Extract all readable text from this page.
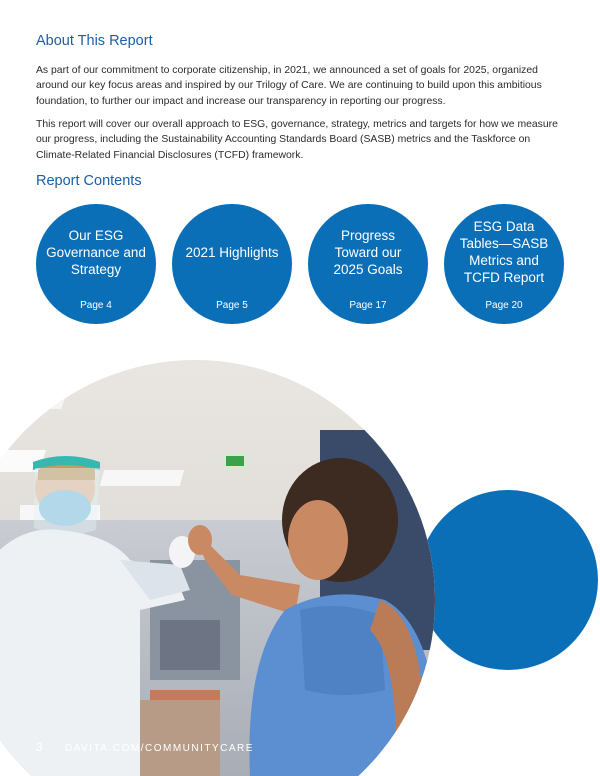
About This Report

As part of our commitment to corporate citizenship, in 2021, we announced a set of goals for 2025, organized around our key focus areas and inspired by our Trilogy of Care. We are continuing to build upon this ambitious foundation, to further our impact and increase our transparency in reporting our progress.

This report will cover our overall approach to ESG, governance, strategy, metrics and targets for how we measure our progress, including the Sustainability Accounting Standards Board (SASB) metrics and the Taskforce on Climate-Related Financial Disclosures (TCFD) framework.

Report Contents
Our ESG Governance and Strategy
Page 4
2021 Highlights
Page 5
Progress Toward our 2025 Goals
Page 17
ESG Data Tables—SASB Metrics and TCFD Report
Page 20
3 DAVITA.COM/COMMUNITYCARE
